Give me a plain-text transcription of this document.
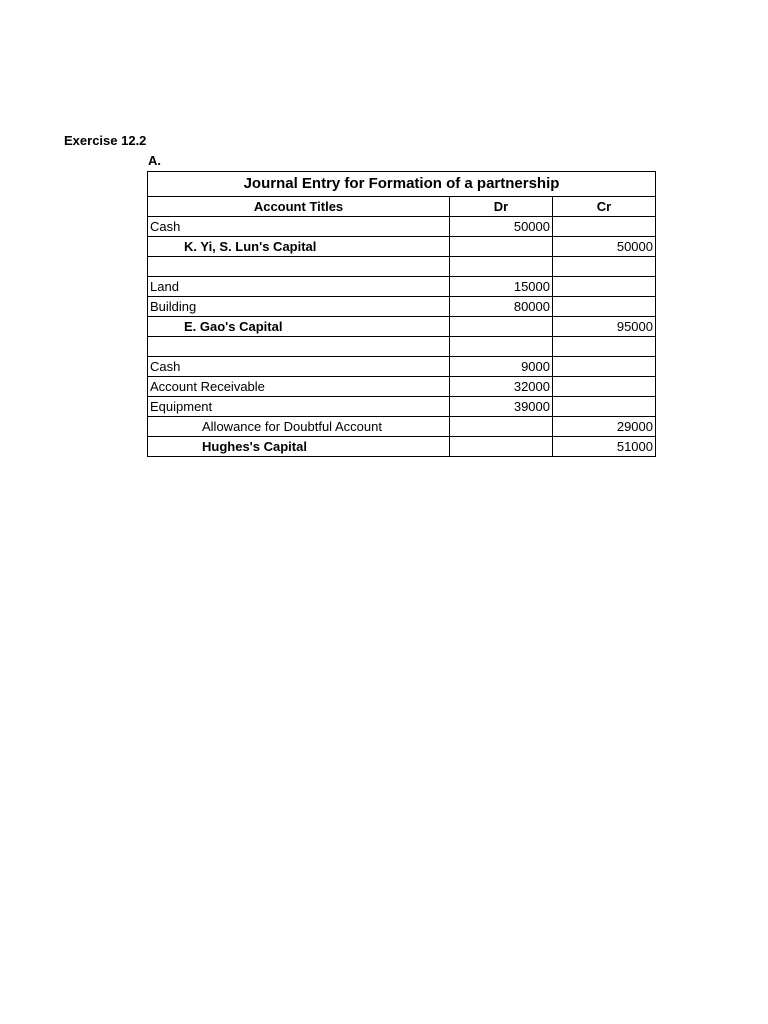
Exercise 12.2
A.
Journal Entry for Formation of a partnership		
Account Titles	Dr	Cr
Cash	50000	
K. Yi, S. Lun's Capital		50000

Land	15000	
Building	80000	
E. Gao's Capital		95000

Cash	9000	
Account Receivable	32000	
Equipment	39000	
Allowance for Doubtful Account		29000
Hughes's Capital		51000
